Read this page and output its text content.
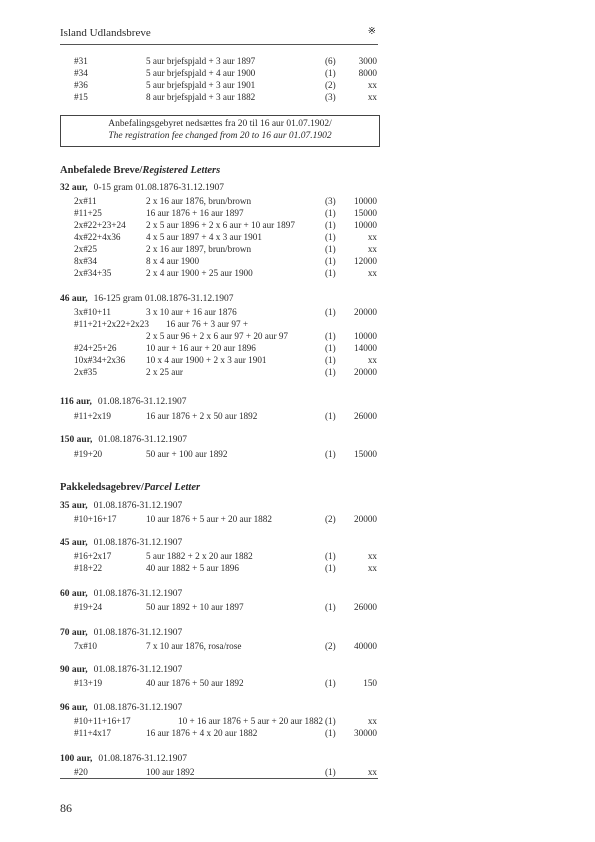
Island Udlandsbreve	※
#31	5 aur brjefspjald + 3 aur 1897	(6) 3000
#34	5 aur brjefspjald + 4 aur 1900	(1) 8000
#36	5 aur brjefspjald + 3 aur 1901	(2)	xx
#15	8 aur brjefspjald + 3 aur 1882	(3)	xx
Anbefalingsgebyret nedsættes fra 20 til 16 aur 01.07.1902/
The registration fee changed from 20 to 16 aur 01.07.1902
Anbefalede Breve/Registered Letters
32 aur, 0-15 gram 01.08.1876-31.12.1907
2x#11	2 x 16 aur 1876, brun/brown	(3) 10000
#11+25	16 aur 1876 + 16 aur 1897	(1) 15000
2x#22+23+24 2 x 5 aur 1896 + 2 x 6 aur + 10 aur 1897	(1) 10000
4x#22+4x36	4 x 5 aur 1897 + 4 x 3 aur 1901	(1)	xx
2x#25	2 x 16 aur 1897, brun/brown	(1)	xx
8x#34	8 x 4 aur 1900	(1) 12000
2x#34+35	2 x 4 aur 1900 + 25 aur 1900	(1)	xx
46 aur, 16-125 gram 01.08.1876-31.12.1907
3x#10+11	3 x 10 aur + 16 aur 1876	(1) 20000
#11+21+2x22+2x23 16 aur 76 + 3 aur 97 +
2 x 5 aur 96 + 2 x 6 aur 97 + 20 aur 97	(1) 10000
#24+25+26	10 aur + 16 aur + 20 aur 1896	(1) 14000
10x#34+2x36 10 x 4 aur 1900 + 2 x 3 aur 1901	(1)	xx
2x#35	2 x 25 aur	(1) 20000
116 aur, 01.08.1876-31.12.1907
#11+2x19	16 aur 1876 + 2 x 50 aur 1892	(1) 26000
150 aur, 01.08.1876-31.12.1907
#19+20	50 aur + 100 aur 1892	(1) 15000
Pakkeledsagebrev/Parcel Letter
35 aur, 01.08.1876-31.12.1907
#10+16+17	10 aur 1876 + 5 aur + 20 aur 1882	(2) 20000
45 aur, 01.08.1876-31.12.1907
#16+2x17	5 aur 1882 + 2 x 20 aur 1882	(1)	xx
#18+22	40 aur 1882 + 5 aur 1896	(1)	xx
60 aur, 01.08.1876-31.12.1907
#19+24	50 aur 1892 + 10 aur 1897	(1) 26000
70 aur, 01.08.1876-31.12.1907
7x#10	7 x 10 aur 1876, rosa/rose	(2) 40000
90 aur, 01.08.1876-31.12.1907
#13+19	40 aur 1876 + 50 aur 1892	(1)	150
96 aur, 01.08.1876-31.12.1907
#10+11+16+17	10 + 16 aur 1876 + 5 aur + 20 aur 1882 (1)	xx
#11+4x17	16 aur 1876 + 4 x 20 aur 1882	(1) 30000
100 aur, 01.08.1876-31.12.1907
#20	100 aur 1892	(1)	xx
86
